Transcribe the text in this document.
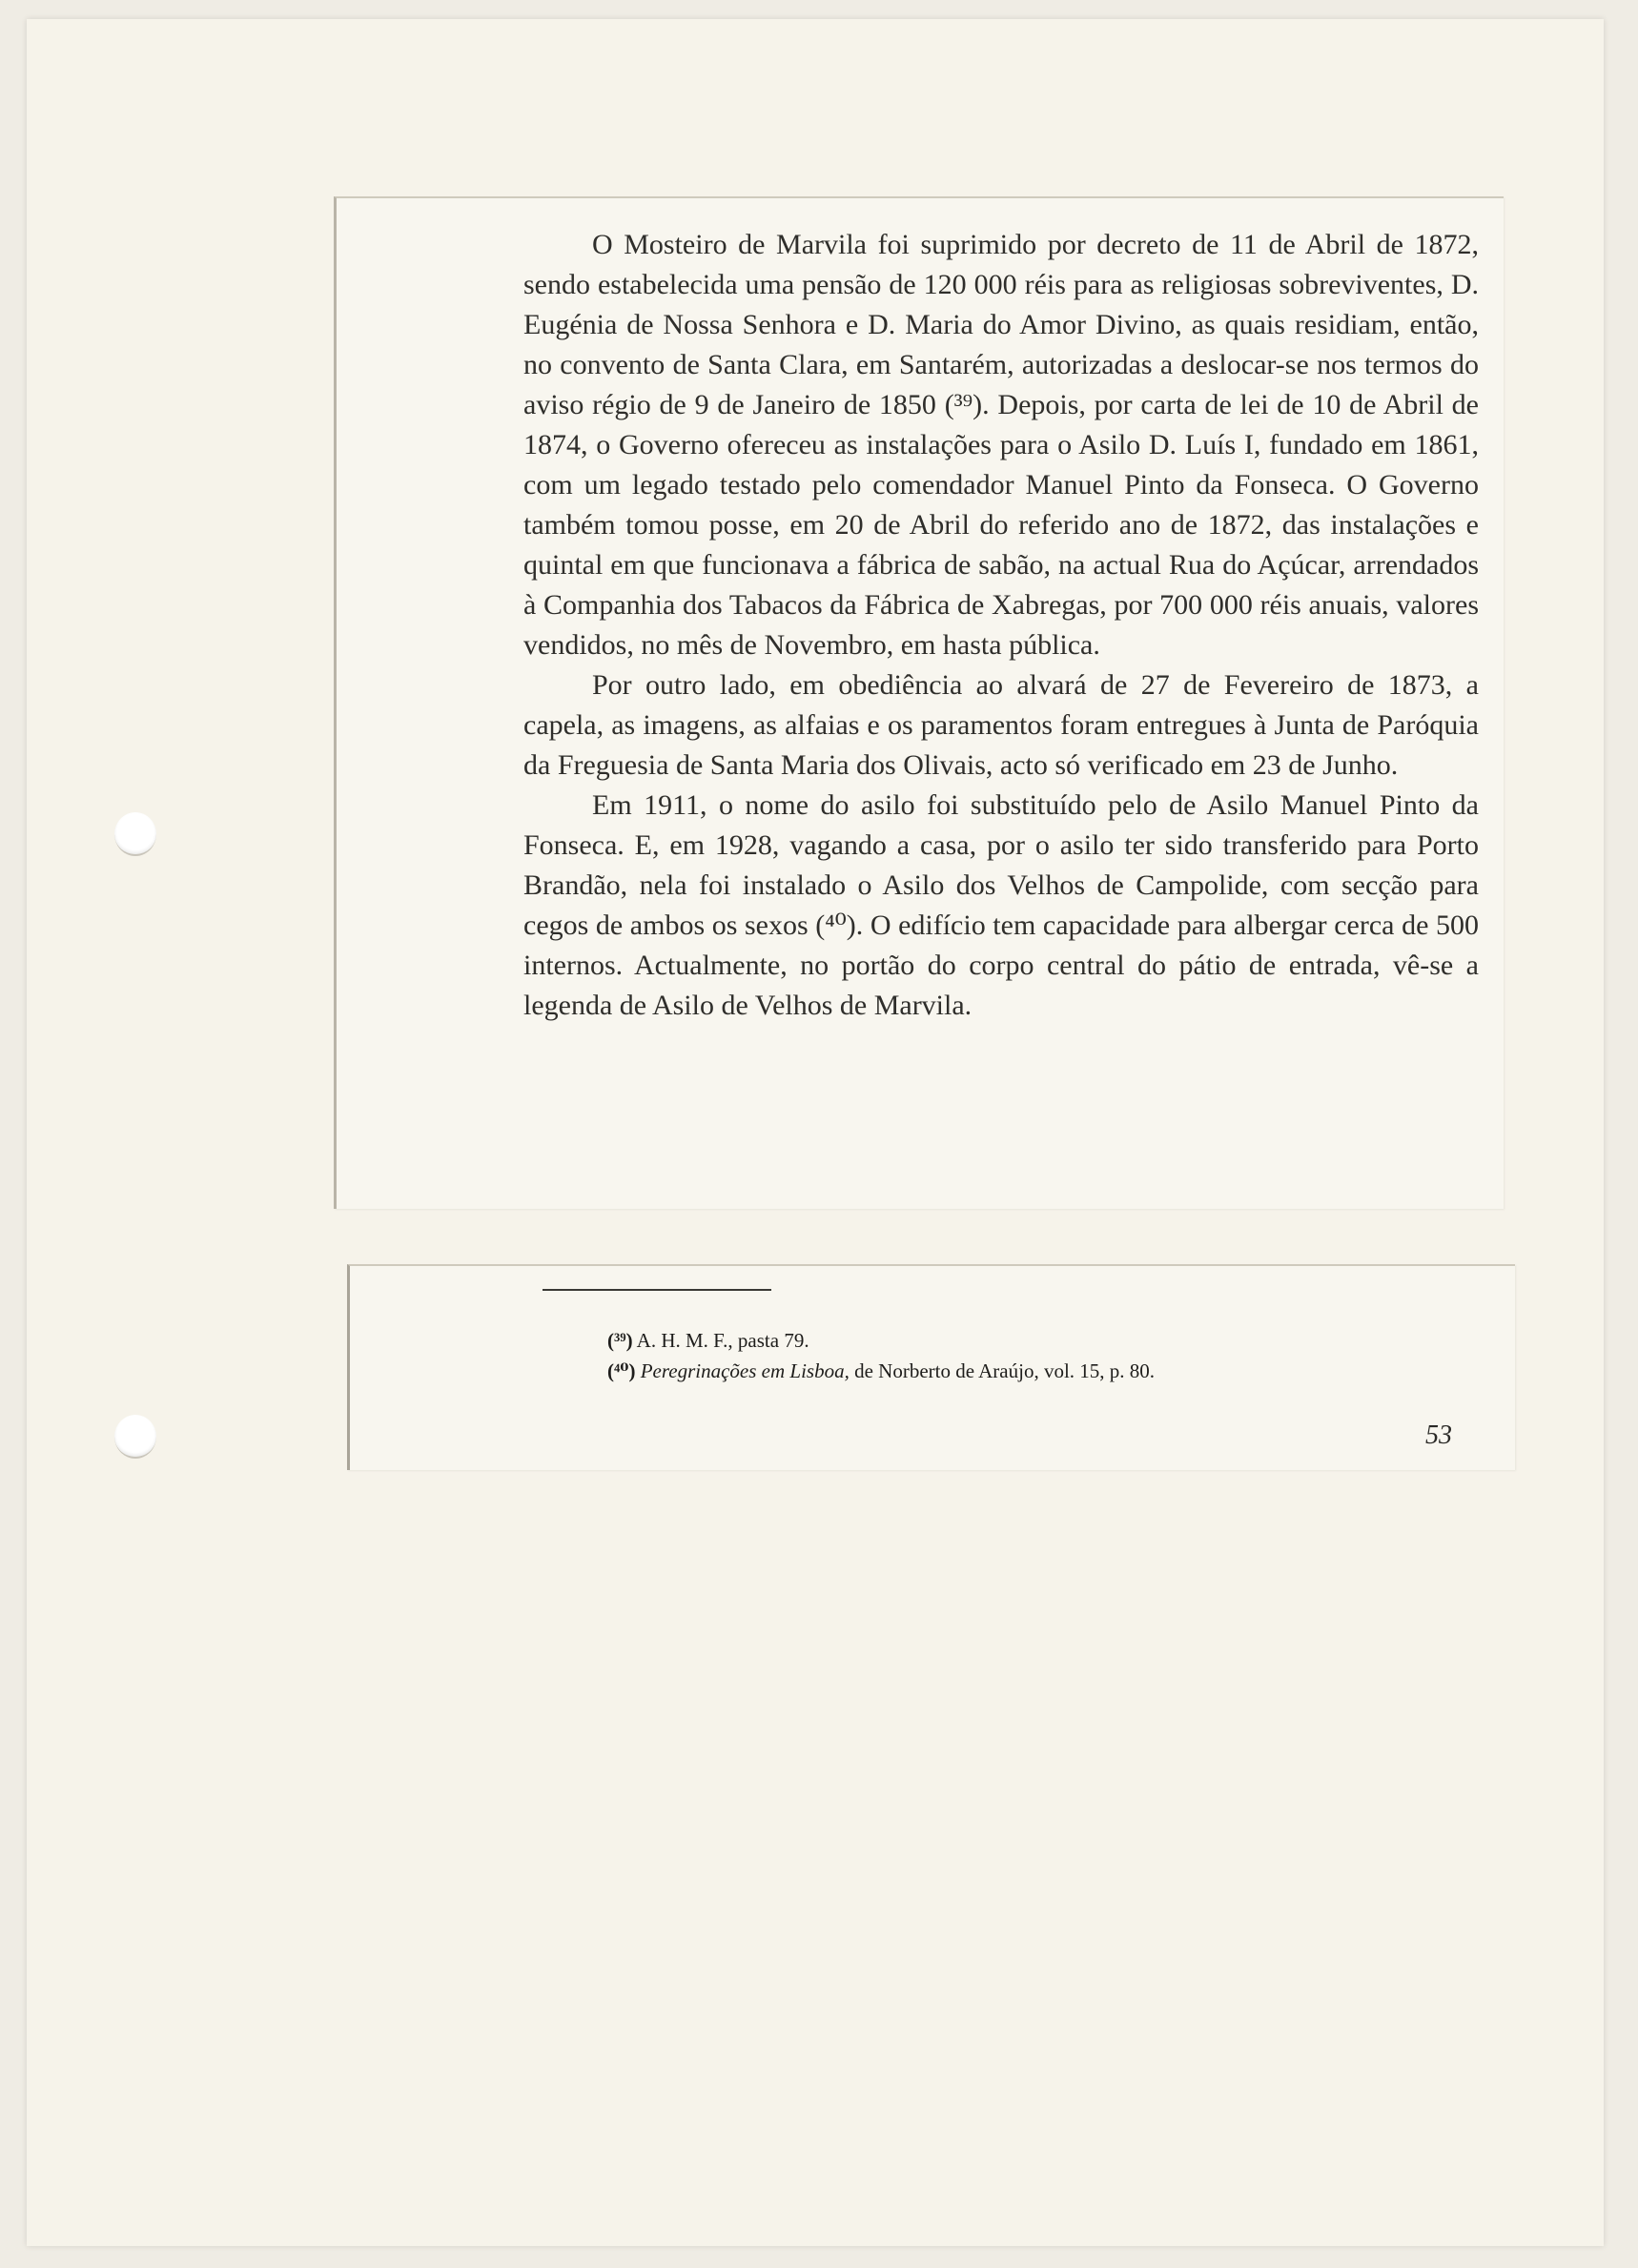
O Mosteiro de Marvila foi suprimido por decreto de 11 de Abril de 1872, sendo estabelecida uma pensão de 120 000 réis para as religiosas sobreviventes, D. Eugénia de Nossa Senhora e D. Maria do Amor Divino, as quais residiam, então, no convento de Santa Clara, em Santarém, autorizadas a deslocar-se nos termos do aviso régio de 9 de Janeiro de 1850 (³⁹). Depois, por carta de lei de 10 de Abril de 1874, o Governo ofereceu as instalações para o Asilo D. Luís I, fundado em 1861, com um legado testado pelo comendador Manuel Pinto da Fonseca. O Governo também tomou posse, em 20 de Abril do referido ano de 1872, das instalações e quintal em que funcionava a fábrica de sabão, na actual Rua do Açúcar, arrendados à Companhia dos Tabacos da Fábrica de Xabregas, por 700 000 réis anuais, valores vendidos, no mês de Novembro, em hasta pública.

Por outro lado, em obediência ao alvará de 27 de Fevereiro de 1873, a capela, as imagens, as alfaias e os paramentos foram entregues à Junta de Paróquia da Freguesia de Santa Maria dos Olivais, acto só verificado em 23 de Junho.

Em 1911, o nome do asilo foi substituído pelo de Asilo Manuel Pinto da Fonseca. E, em 1928, vagando a casa, por o asilo ter sido transferido para Porto Brandão, nela foi instalado o Asilo dos Velhos de Campolide, com secção para cegos de ambos os sexos (⁴⁰). O edifício tem capacidade para albergar cerca de 500 internos. Actualmente, no portão do corpo central do pátio de entrada, vê-se a legenda de Asilo de Velhos de Marvila.

(³⁹) A. H. M. F., pasta 79.
(⁴⁰) Peregrinações em Lisboa, de Norberto de Araújo, vol. 15, p. 80.
53
